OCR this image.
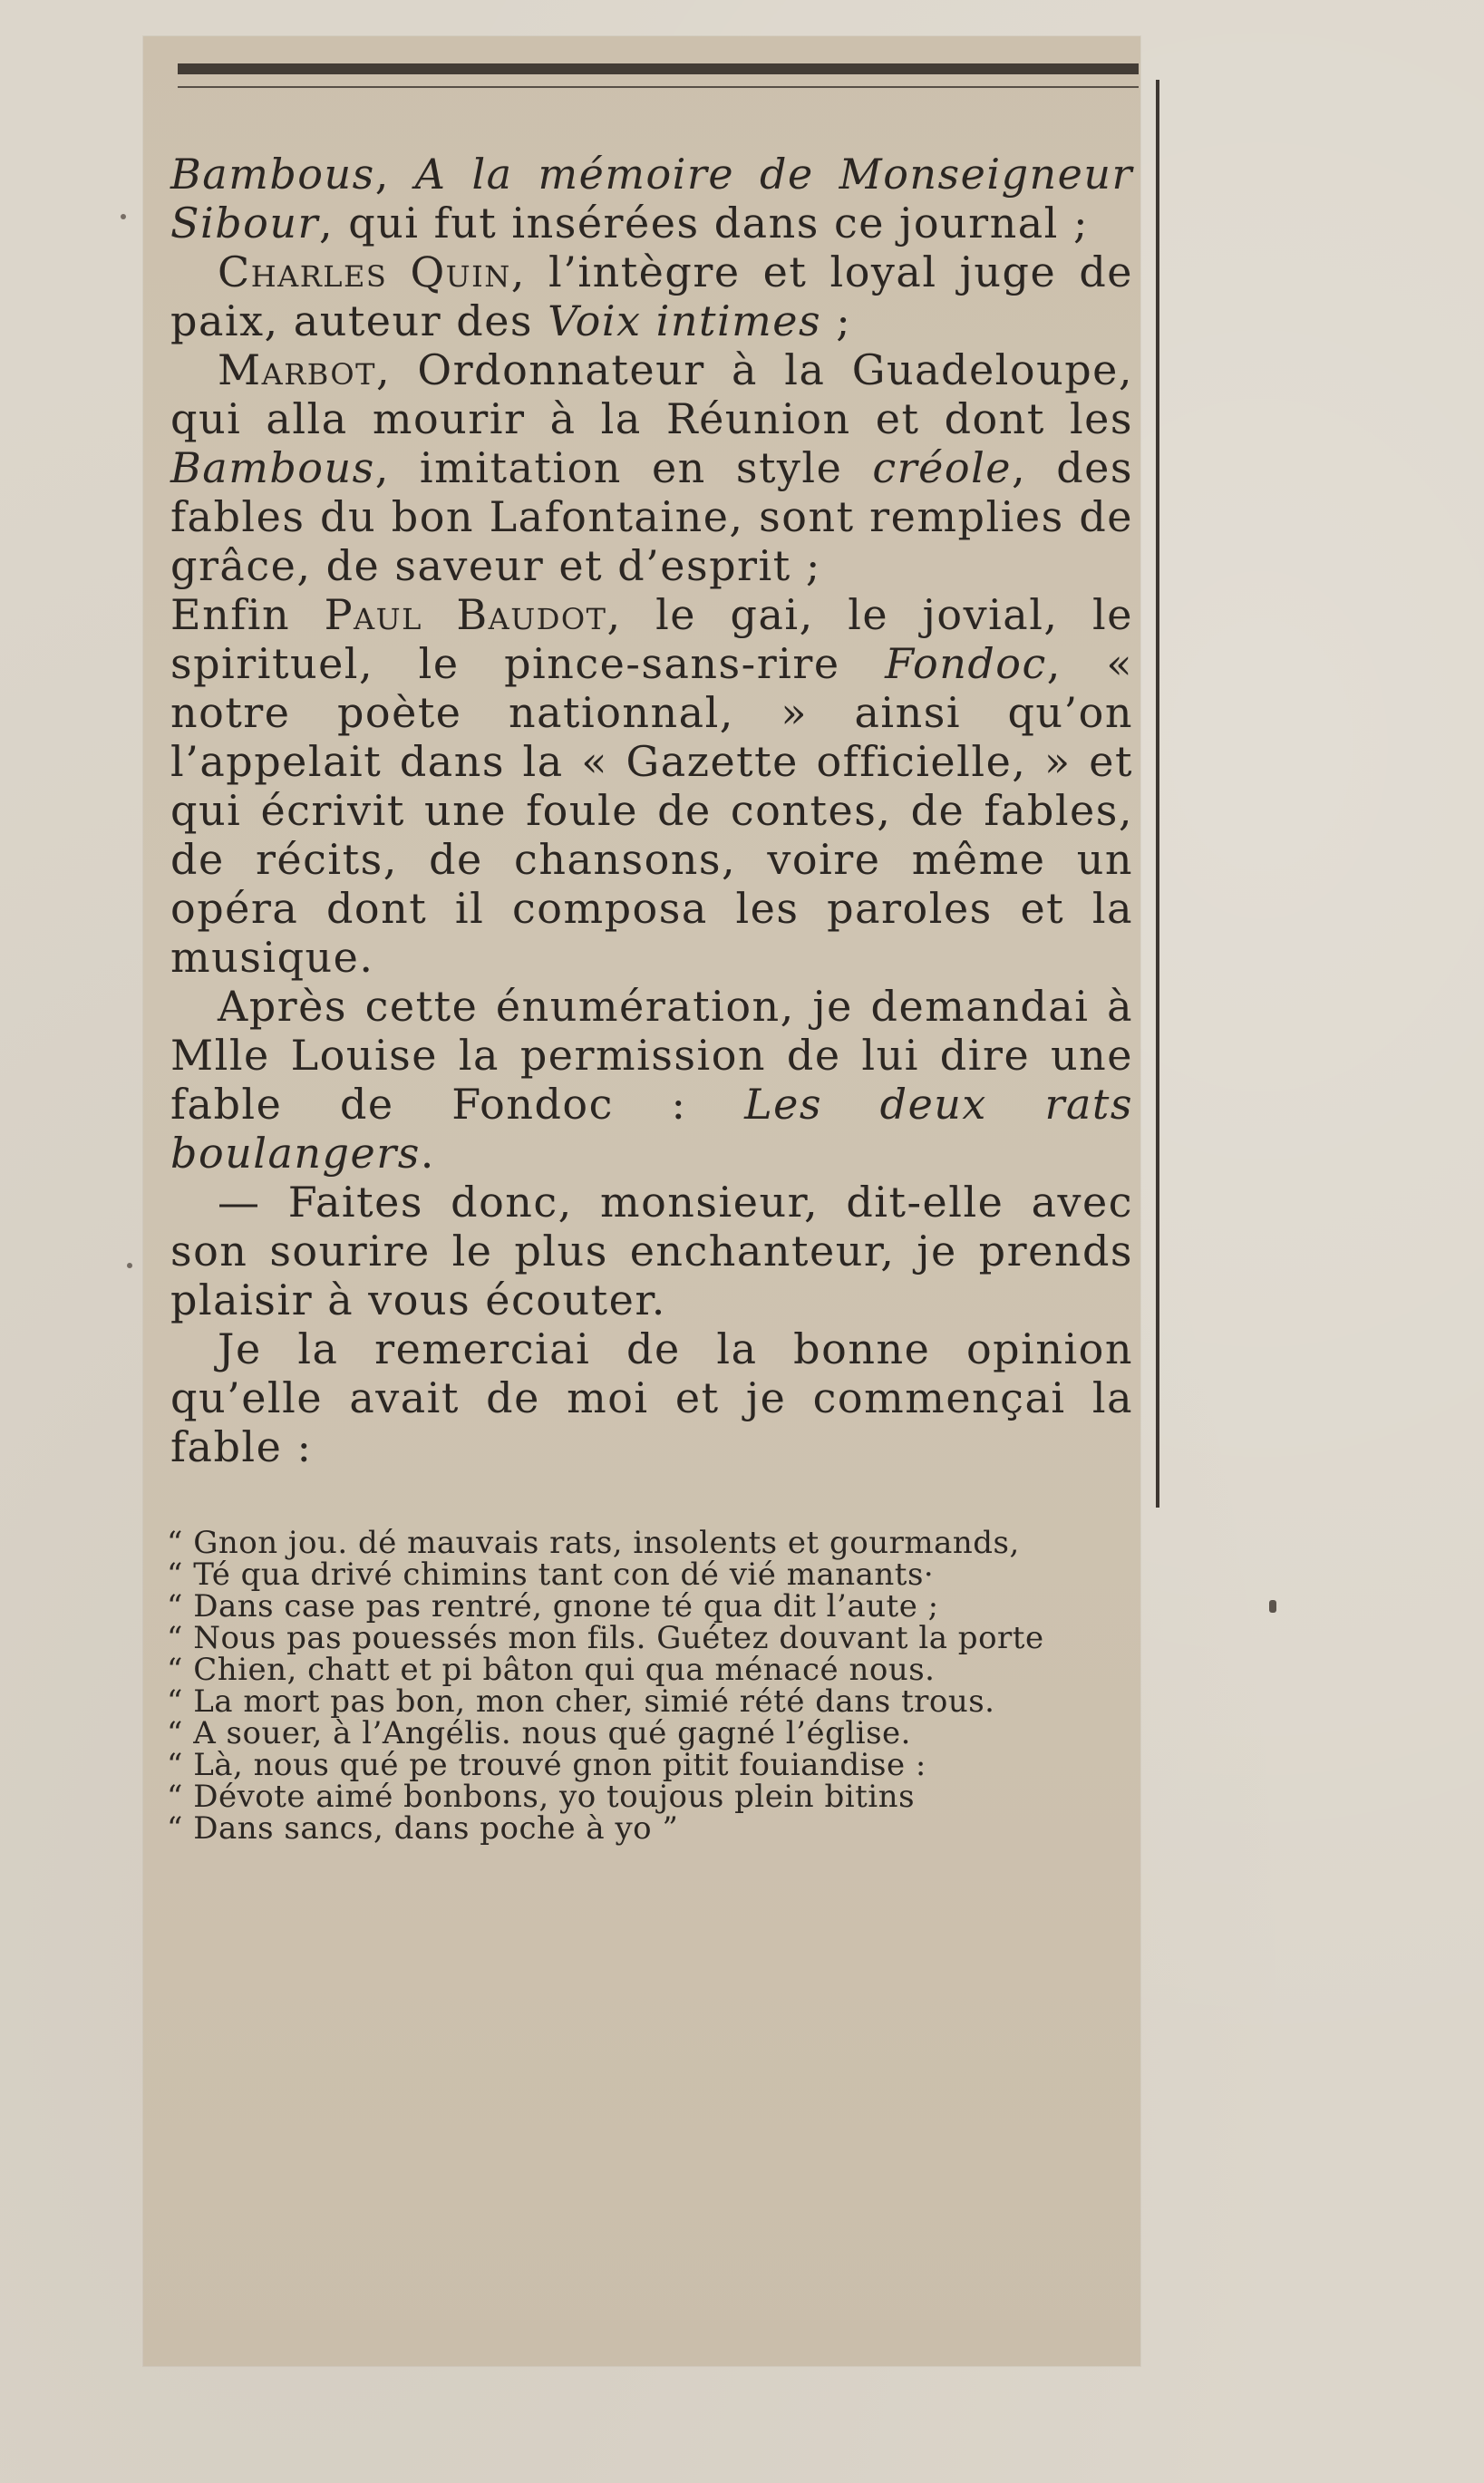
Bambous, A la mémoire de Monseigneur Sibour, qui fut insérées dans ce journal ;

Charles Quin, l’intègre et loyal juge de paix, auteur des Voix intimes ;

Marbot, Ordonnateur à la Guadeloupe, qui alla mourir à la Réunion et dont les Bambous, imitation en style créole, des fables du bon Lafontaine, sont remplies de grâce, de saveur et d’esprit ;

Enfin Paul Baudot, le gai, le jovial, le spirituel, le pince-sans-rire Fondoc, « notre poète nationnal, » ainsi qu’on l’appelait dans la « Gazette officielle, » et qui écrivit une foule de contes, de fables, de récits, de chansons, voire même un opéra dont il composa les paroles et la musique.

Après cette énumération, je demandai à Mlle Louise la permission de lui dire une fable de Fondoc : Les deux rats boulangers.

— Faites donc, monsieur, dit-elle avec son sourire le plus enchanteur, je prends plaisir à vous écouter.

Je la remerciai de la bonne opinion qu’elle avait de moi et je commençai la fable :

“ Gnon jou. dé mauvais rats, insolents et gourmands,
“ Té qua drivé chimins tant con dé vié manants·
“ Dans case pas rentré, gnone té qua dit l’aute ;
“ Nous pas pouessés mon fils. Guétez douvant la porte
“ Chien, chatt et pi bâton qui qua ménacé nous.
“ La mort pas bon, mon cher, simié rété dans trous.
“ A souer, à l’Angélis. nous qué gagné l’église.
“ Là, nous qué pe trouvé gnon pitit fouiandise :
“ Dévote aimé bonbons, yo toujous plein bitins
“ Dans sancs, dans poche à yo ”
